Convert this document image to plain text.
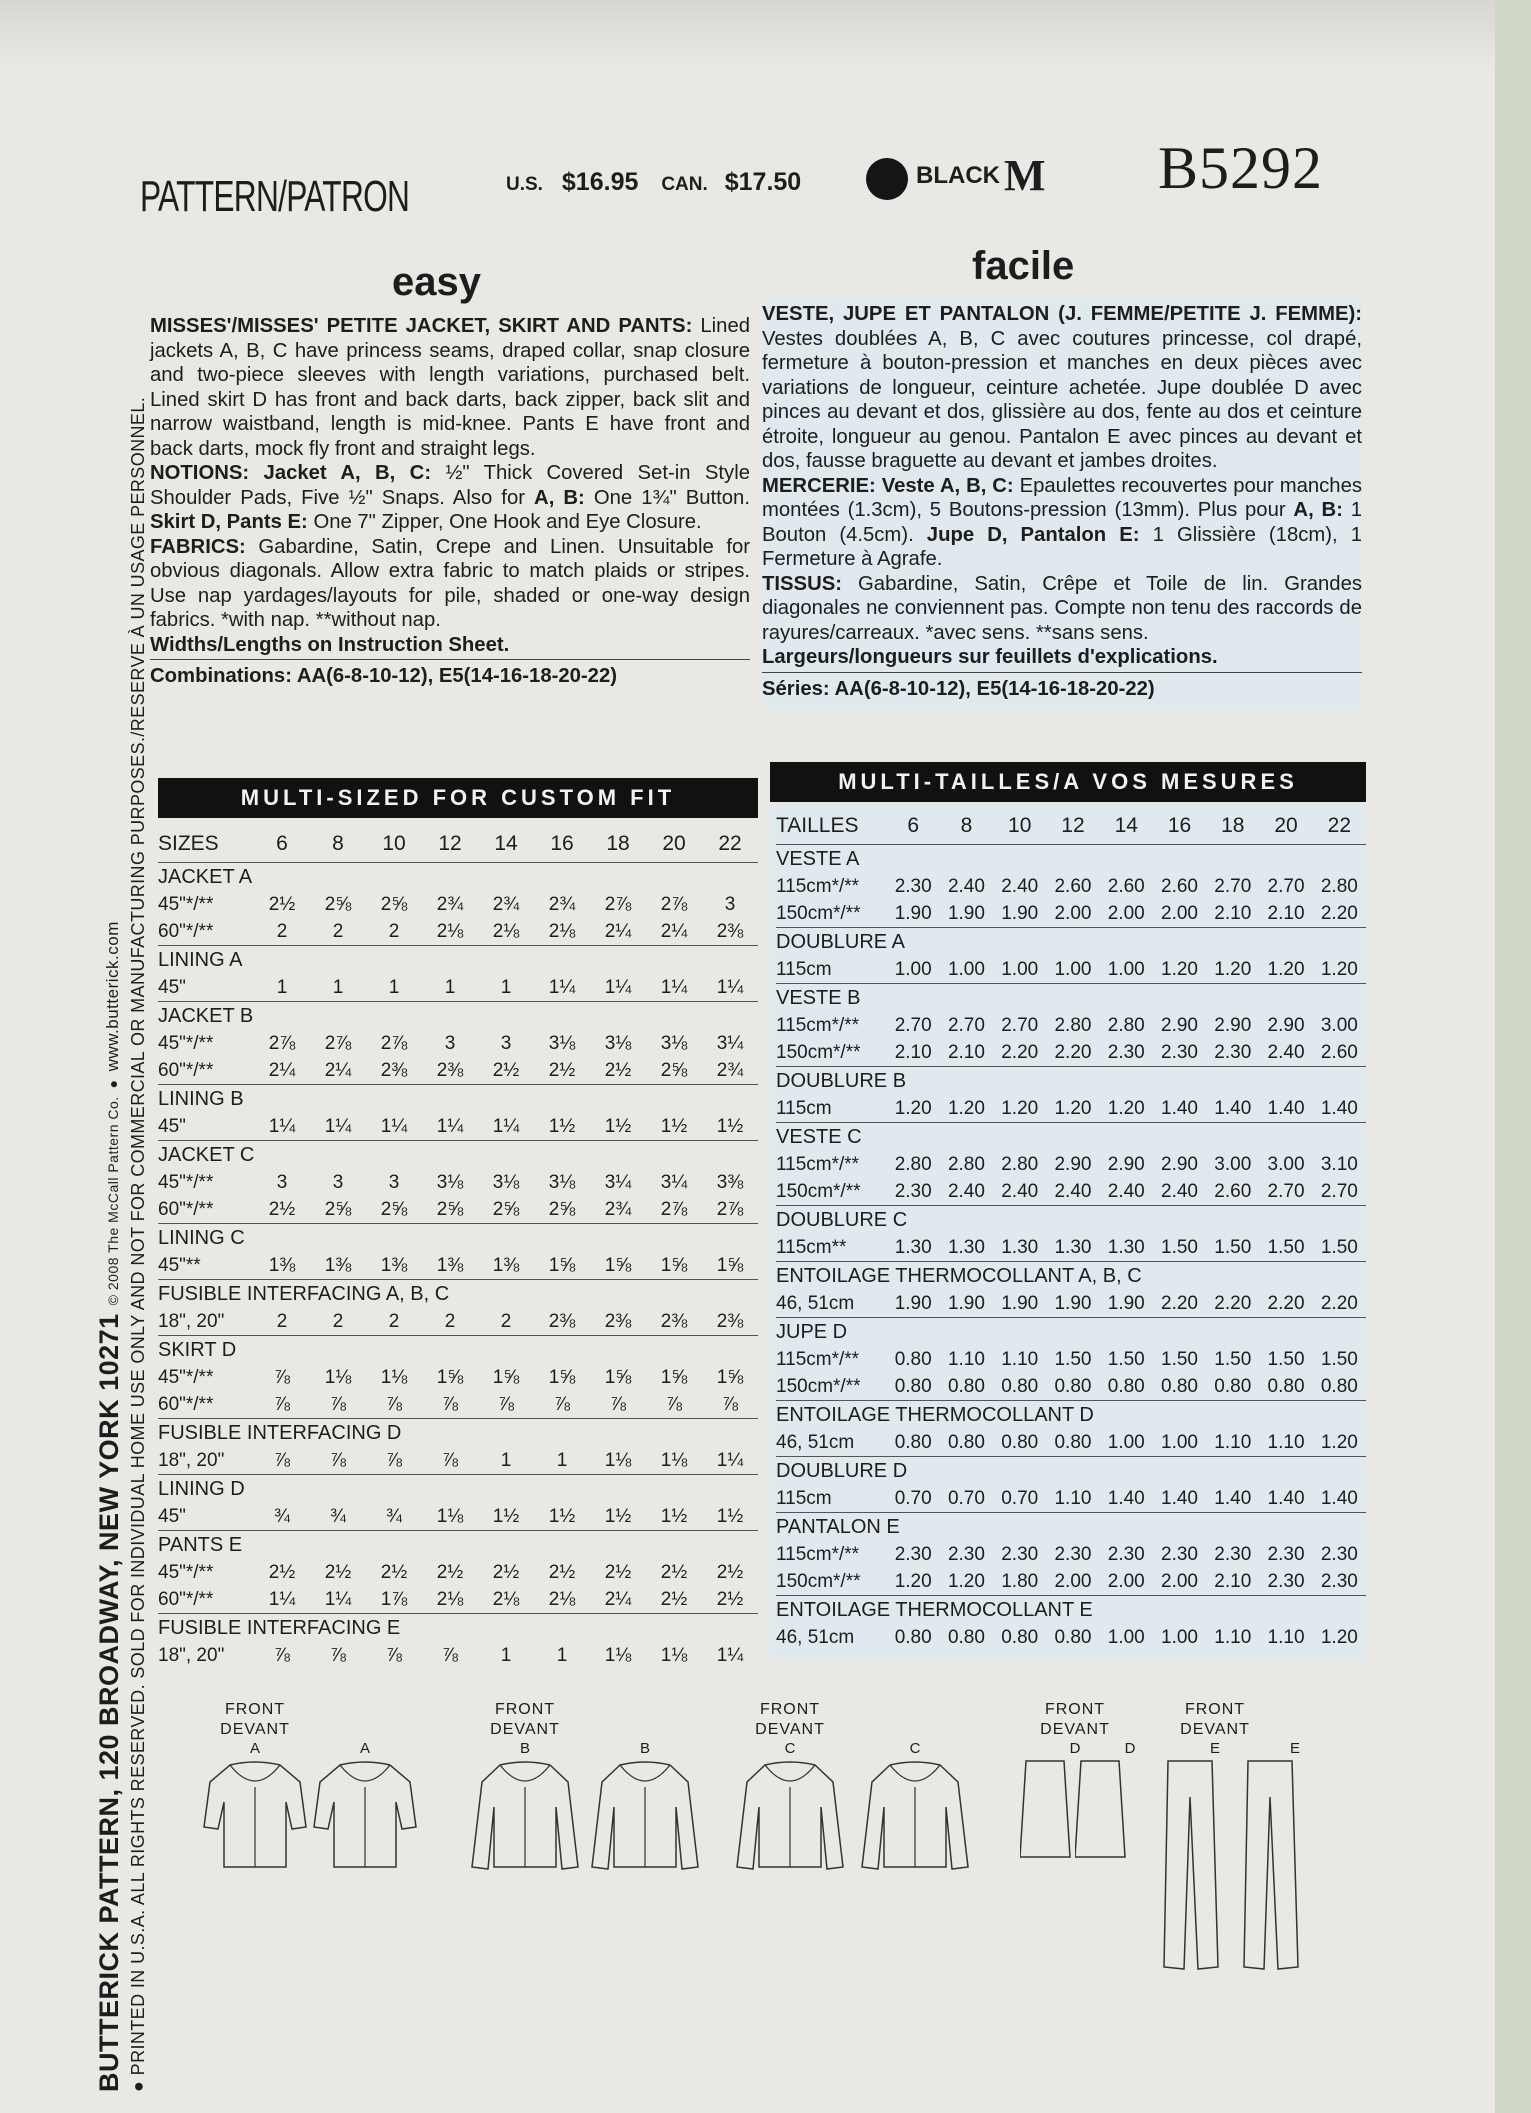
BUTTERICK PATTERN, 120 BROADWAY, NEW YORK 10271 © 2008 The McCall Pattern Co. ● www.butterick.com
● PRINTED IN U.S.A. ALL RIGHTS RESERVED. SOLD FOR INDIVIDUAL HOME USE ONLY AND NOT FOR COMMERCIAL OR MANUFACTURING PURPOSES./RESERVE À UN USAGE PERSONNEL.
PATTERN/PATRON	U.S. $16.95 CAN. $17.50	BLACK M B5292
easy	facile

MISSES'/MISSES' PETITE JACKET, SKIRT AND PANTS: Lined jackets A, B, C have princess seams, draped collar, snap closure and two-piece sleeves with length variations, purchased belt. Lined skirt D has front and back darts, back zipper, back slit and narrow waistband, length is mid-knee. Pants E have front and back darts, mock fly front and straight legs.

NOTIONS: Jacket A, B, C: ½" Thick Covered Set-in Style Shoulder Pads, Five ½" Snaps. Also for A, B: One 1¾" Button. Skirt D, Pants E: One 7" Zipper, One Hook and Eye Closure.

FABRICS: Gabardine, Satin, Crepe and Linen. Unsuitable for obvious diagonals. Allow extra fabric to match plaids or stripes. Use nap yardages/layouts for pile, shaded or one-way design fabrics. *with nap. **without nap.

Widths/Lengths on Instruction Sheet.

Combinations: AA(6-8-10-12), E5(14-16-18-20-22)

VESTE, JUPE ET PANTALON (J. FEMME/PETITE J. FEMME): Vestes doublées A, B, C avec coutures princesse, col drapé, fermeture à bouton-pression et manches en deux pièces avec variations de longueur, ceinture achetée. Jupe doublée D avec pinces au devant et dos, glissière au dos, fente au dos et ceinture étroite, longueur au genou. Pantalon E avec pinces au devant et dos, fausse braguette au devant et jambes droites.

MERCERIE: Veste A, B, C: Epaulettes recouvertes pour manches montées (1.3cm), 5 Boutons-pression (13mm). Plus pour A, B: 1 Bouton (4.5cm). Jupe D, Pantalon E: 1 Glissière (18cm), 1 Fermeture à Agrafe.

TISSUS: Gabardine, Satin, Crêpe et Toile de lin. Grandes diagonales ne conviennent pas. Compte non tenu des raccords de rayures/carreaux. *avec sens. **sans sens.

Largeurs/longueurs sur feuillets d'explications.

Séries: AA(6-8-10-12), E5(14-16-18-20-22)

MULTI-SIZED FOR CUSTOM FIT
MULTI-TAILLES/A VOS MESURES
SIZES	6	8	10	12	14	16	18	20	22
JACKET A									
45"*/**	2½	2⅝	2⅝	2¾	2¾	2¾	2⅞	2⅞	3
60"*/**	2	2	2	2⅛	2⅛	2⅛	2¼	2¼	2⅜
LINING A									
45"	1	1	1	1	1	1¼	1¼	1¼	1¼
JACKET B									
45"*/**	2⅞	2⅞	2⅞	3	3	3⅛	3⅛	3⅛	3¼
60"*/**	2¼	2¼	2⅜	2⅜	2½	2½	2½	2⅝	2¾
LINING B									
45"	1¼	1¼	1¼	1¼	1¼	1½	1½	1½	1½
JACKET C									
45"*/**	3	3	3	3⅛	3⅛	3⅛	3¼	3¼	3⅜
60"*/**	2½	2⅝	2⅝	2⅝	2⅝	2⅝	2¾	2⅞	2⅞
LINING C									
45"**	1⅜	1⅜	1⅜	1⅜	1⅜	1⅝	1⅝	1⅝	1⅝
FUSIBLE INTERFACING A, B, C									
18", 20"	2	2	2	2	2	2⅜	2⅜	2⅜	2⅜
SKIRT D									
45"*/**	⅞	1⅛	1⅛	1⅝	1⅝	1⅝	1⅝	1⅝	1⅝
60"*/**	⅞	⅞	⅞	⅞	⅞	⅞	⅞	⅞	⅞
FUSIBLE INTERFACING D									
18", 20"	⅞	⅞	⅞	⅞	1	1	1⅛	1⅛	1¼
LINING D									
45"	¾	¾	¾	1⅛	1½	1½	1½	1½	1½
PANTS E									
45"*/**	2½	2½	2½	2½	2½	2½	2½	2½	2½
60"*/**	1¼	1¼	1⅞	2⅛	2⅛	2⅛	2¼	2½	2½
FUSIBLE INTERFACING E									
18", 20"	⅞	⅞	⅞	⅞	1	1	1⅛	1⅛	1¼
TAILLES	6	8	10	12	14	16	18	20	22
VESTE A									
115cm*/**	2.30	2.40	2.40	2.60	2.60	2.60	2.70	2.70	2.80
150cm*/**	1.90	1.90	1.90	2.00	2.00	2.00	2.10	2.10	2.20
DOUBLURE A									
115cm	1.00	1.00	1.00	1.00	1.00	1.20	1.20	1.20	1.20
VESTE B									
115cm*/**	2.70	2.70	2.70	2.80	2.80	2.90	2.90	2.90	3.00
150cm*/**	2.10	2.10	2.20	2.20	2.30	2.30	2.30	2.40	2.60
DOUBLURE B									
115cm	1.20	1.20	1.20	1.20	1.20	1.40	1.40	1.40	1.40
VESTE C									
115cm*/**	2.80	2.80	2.80	2.90	2.90	2.90	3.00	3.00	3.10
150cm*/**	2.30	2.40	2.40	2.40	2.40	2.40	2.60	2.70	2.70
DOUBLURE C									
115cm**	1.30	1.30	1.30	1.30	1.30	1.50	1.50	1.50	1.50
ENTOILAGE THERMOCOLLANT A, B, C									
46, 51cm	1.90	1.90	1.90	1.90	1.90	2.20	2.20	2.20	2.20
JUPE D									
115cm*/**	0.80	1.10	1.10	1.50	1.50	1.50	1.50	1.50	1.50
150cm*/**	0.80	0.80	0.80	0.80	0.80	0.80	0.80	0.80	0.80
ENTOILAGE THERMOCOLLANT D									
46, 51cm	0.80	0.80	0.80	0.80	1.00	1.00	1.10	1.10	1.20
DOUBLURE D									
115cm	0.70	0.70	0.70	1.10	1.40	1.40	1.40	1.40	1.40
PANTALON E									
115cm*/**	2.30	2.30	2.30	2.30	2.30	2.30	2.30	2.30	2.30
150cm*/**	1.20	1.20	1.80	2.00	2.00	2.00	2.10	2.30	2.30
ENTOILAGE THERMOCOLLANT E									
46, 51cm	0.80	0.80	0.80	0.80	1.00	1.00	1.10	1.10	1.20
FRONT
DEVANT
A	A
FRONT
DEVANT
B	B
FRONT
DEVANT
C	C
FRONT
DEVANT
D	D
FRONT
DEVANT
E	E
